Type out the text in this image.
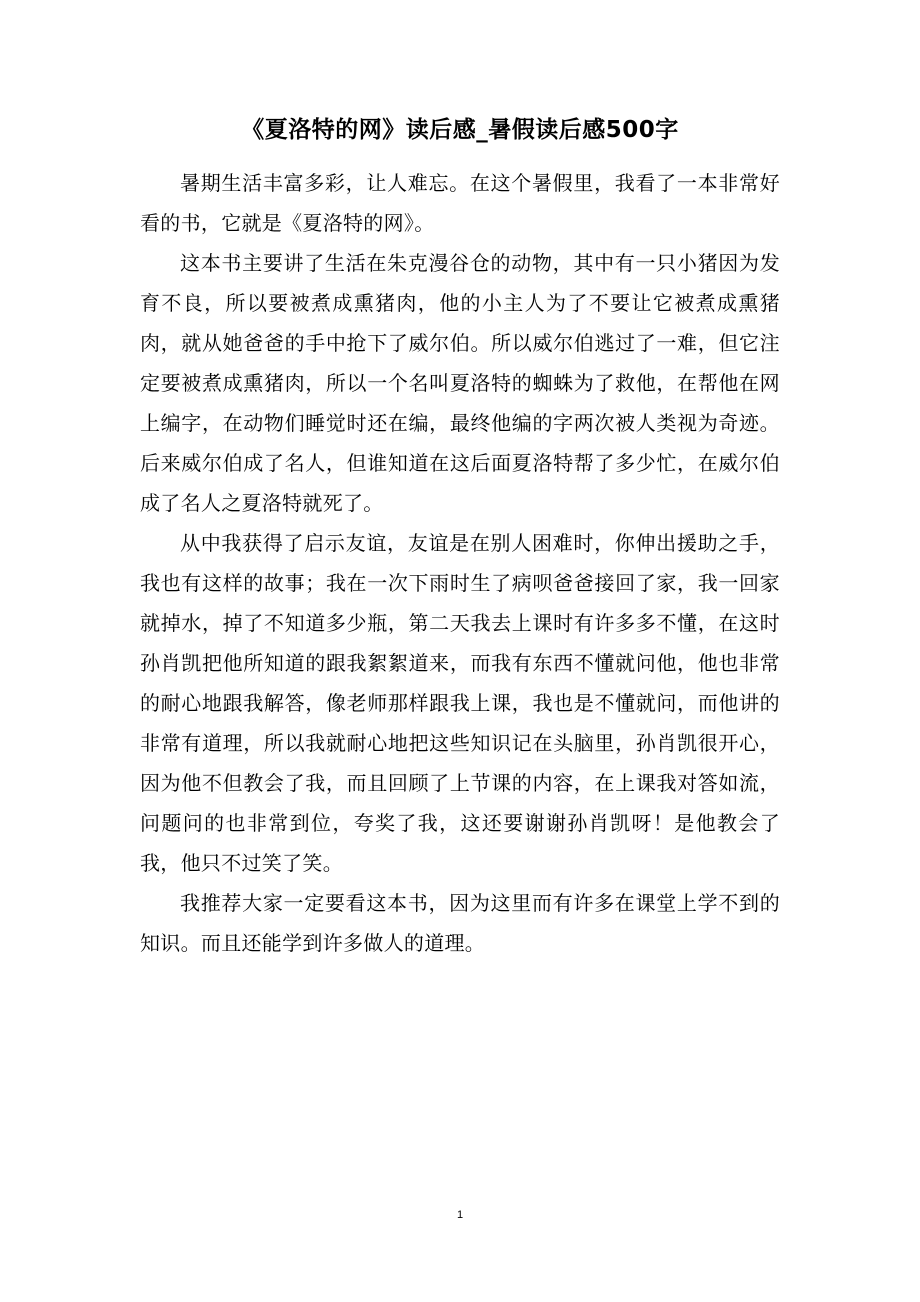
《夏洛特的网》读后感_暑假读后感500字

暑期生活丰富多彩，让人难忘。在这个暑假里，我看了一本非常好看的书，它就是《夏洛特的网》。

这本书主要讲了生活在朱克漫谷仓的动物，其中有一只小猪因为发育不良，所以要被煮成熏猪肉，他的小主人为了不要让它被煮成熏猪肉，就从她爸爸的手中抢下了威尔伯。所以威尔伯逃过了一难，但它注定要被煮成熏猪肉，所以一个名叫夏洛特的蜘蛛为了救他，在帮他在网上编字，在动物们睡觉时还在编，最终他编的字两次被人类视为奇迹。后来威尔伯成了名人，但谁知道在这后面夏洛特帮了多少忙，在威尔伯成了名人之夏洛特就死了。

从中我获得了启示友谊，友谊是在别人困难时，你伸出援助之手，我也有这样的故事；我在一次下雨时生了病呗爸爸接回了家，我一回家就掉水，掉了不知道多少瓶，第二天我去上课时有许多多不懂，在这时孙肖凯把他所知道的跟我絮絮道来，而我有东西不懂就问他，他也非常的耐心地跟我解答，像老师那样跟我上课，我也是不懂就问，而他讲的非常有道理，所以我就耐心地把这些知识记在头脑里，孙肖凯很开心，因为他不但教会了我，而且回顾了上节课的内容，在上课我对答如流，问题问的也非常到位，夸奖了我，这还要谢谢孙肖凯呀！是他教会了我，他只不过笑了笑。

我推荐大家一定要看这本书，因为这里而有许多在课堂上学不到的知识。而且还能学到许多做人的道理。

1
